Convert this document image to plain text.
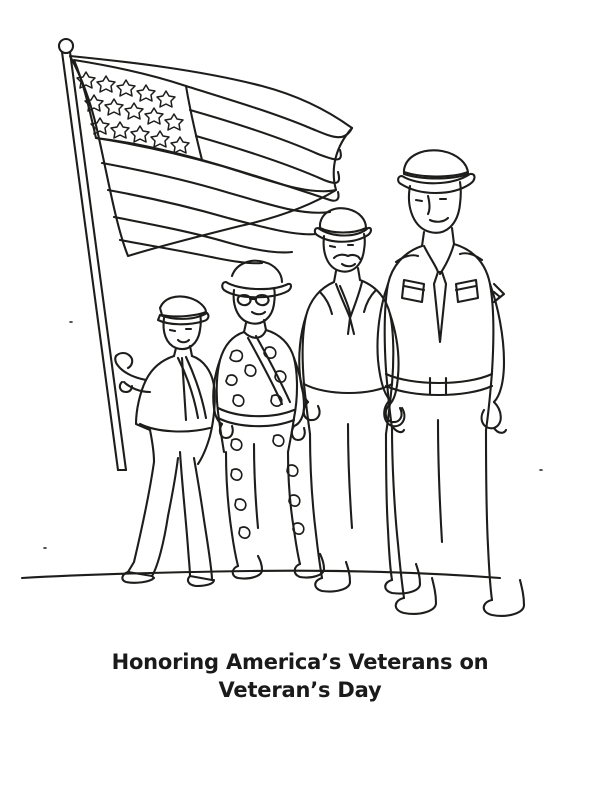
Honoring America’s Veterans on
Veteran’s Day
